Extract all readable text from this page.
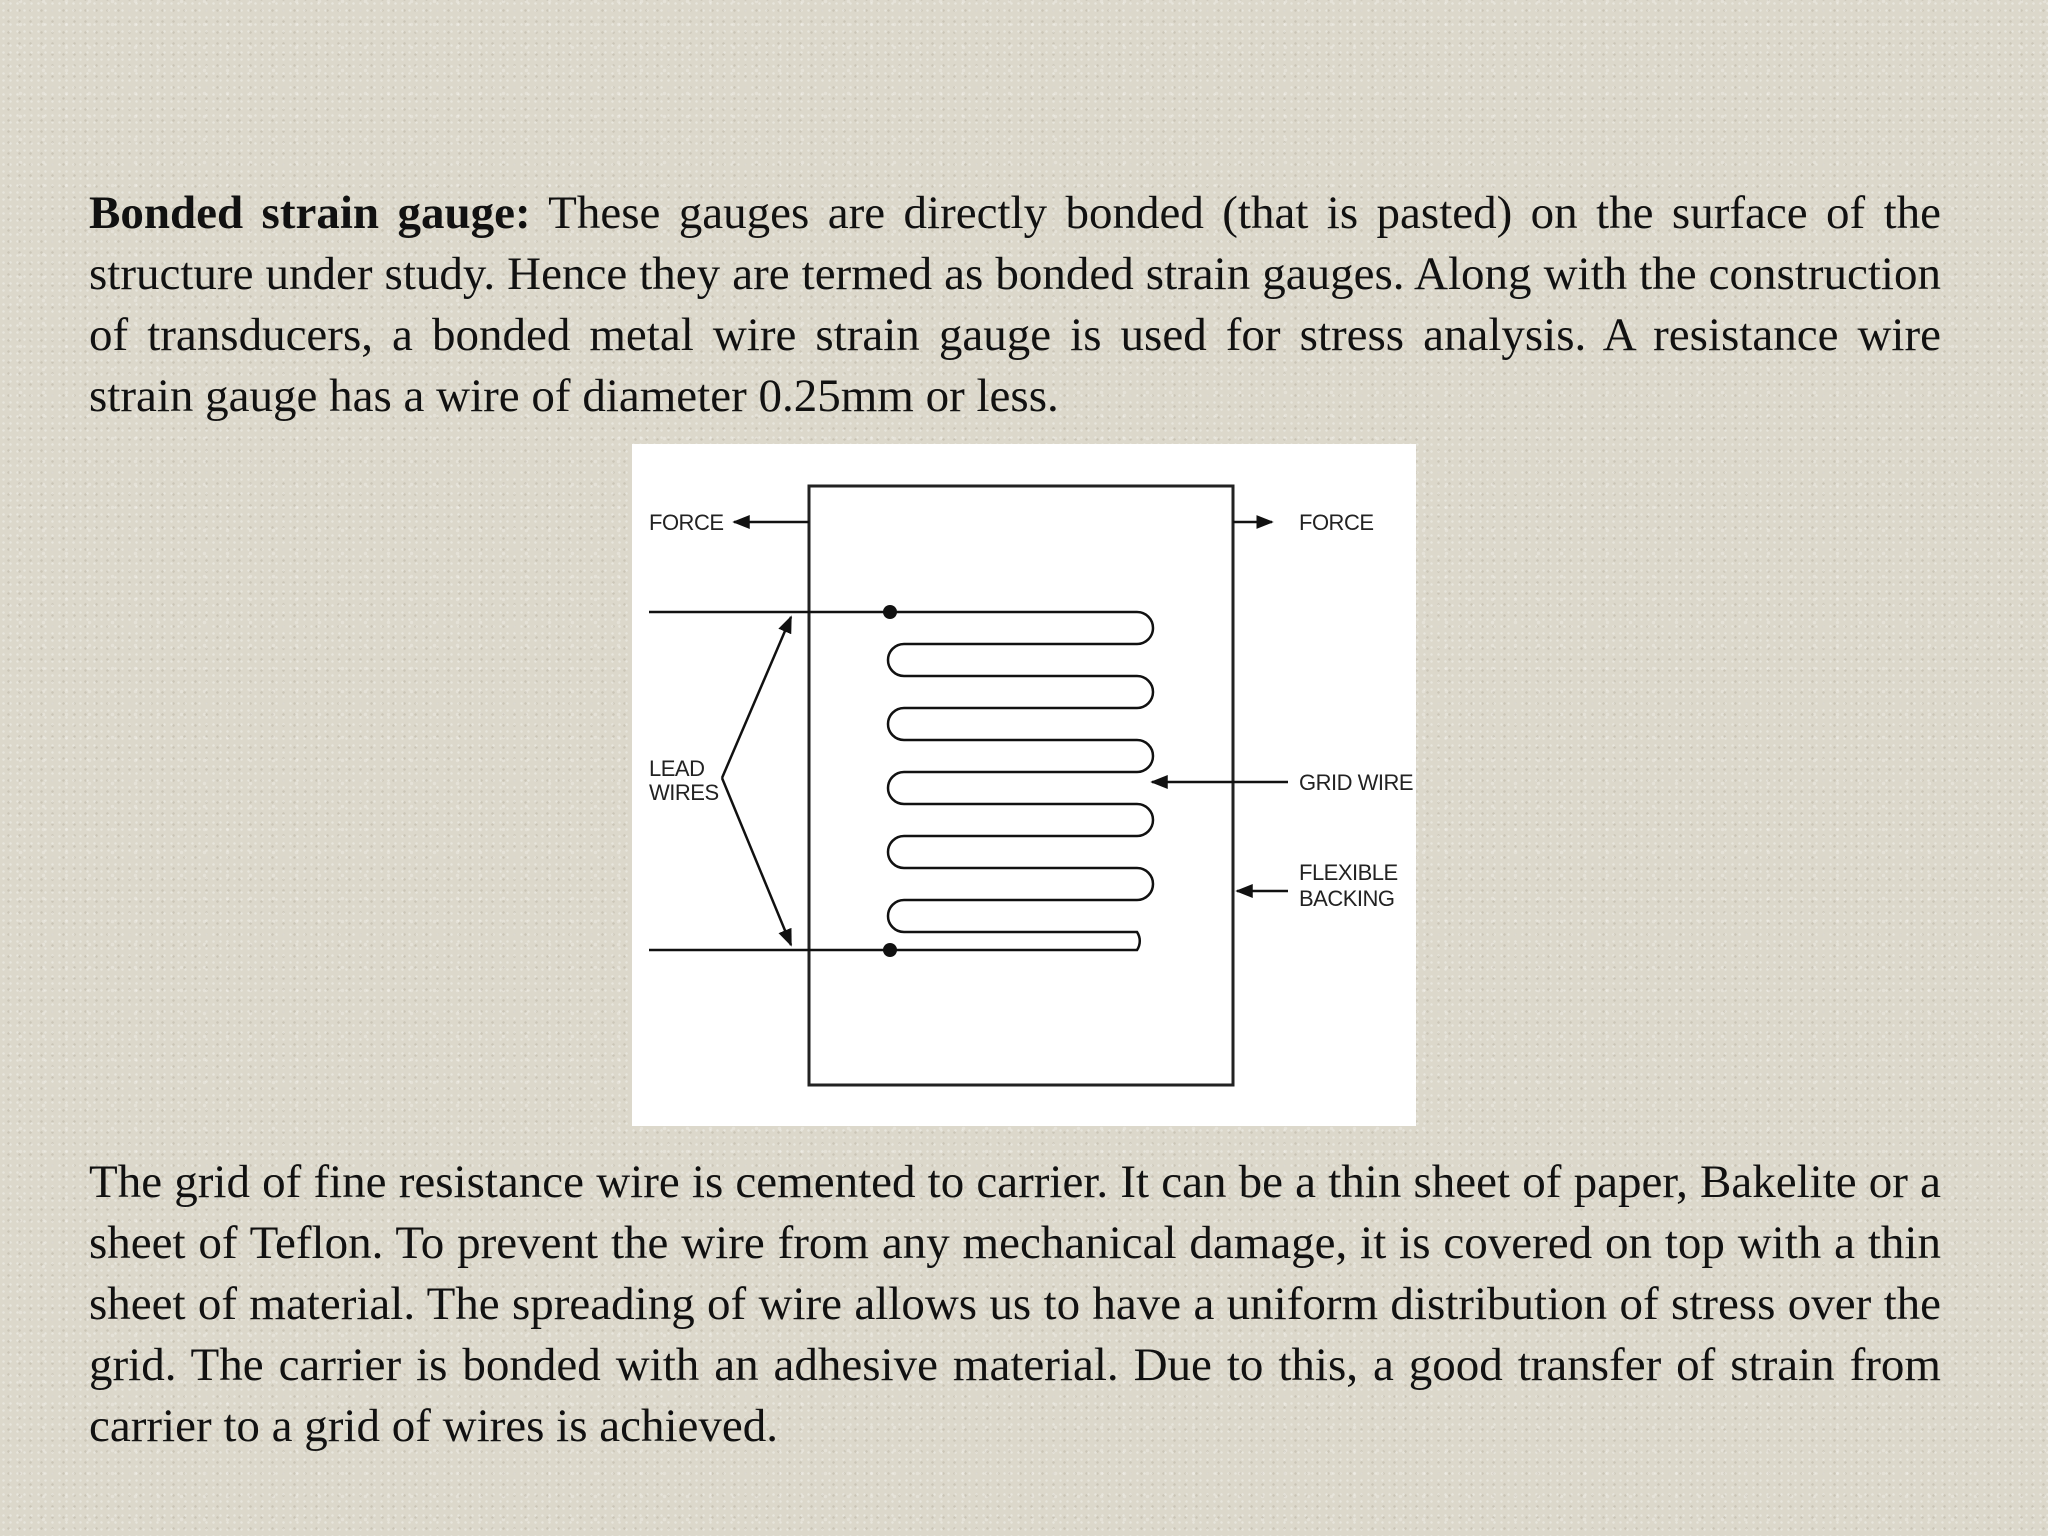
Bonded strain gauge: These gauges are directly bonded (that is pasted) on the surface of the structure under study. Hence they are termed as bonded strain gauges. Along with the construction of transducers, a bonded metal wire strain gauge is used for stress analysis. A resistance wire strain gauge has a wire of diameter 0.25mm or less.

FORCE	FORCE
LEAD
WIRES	GRID WIRE
FLEXIBLE
BACKING

The grid of fine resistance wire is cemented to carrier. It can be a thin sheet of paper, Bakelite or a sheet of Teflon. To prevent the wire from any mechanical damage, it is covered on top with a thin sheet of material. The spreading of wire allows us to have a uniform distribution of stress over the grid. The carrier is bonded with an adhesive material. Due to this, a good transfer of strain from carrier to a grid of wires is achieved.
